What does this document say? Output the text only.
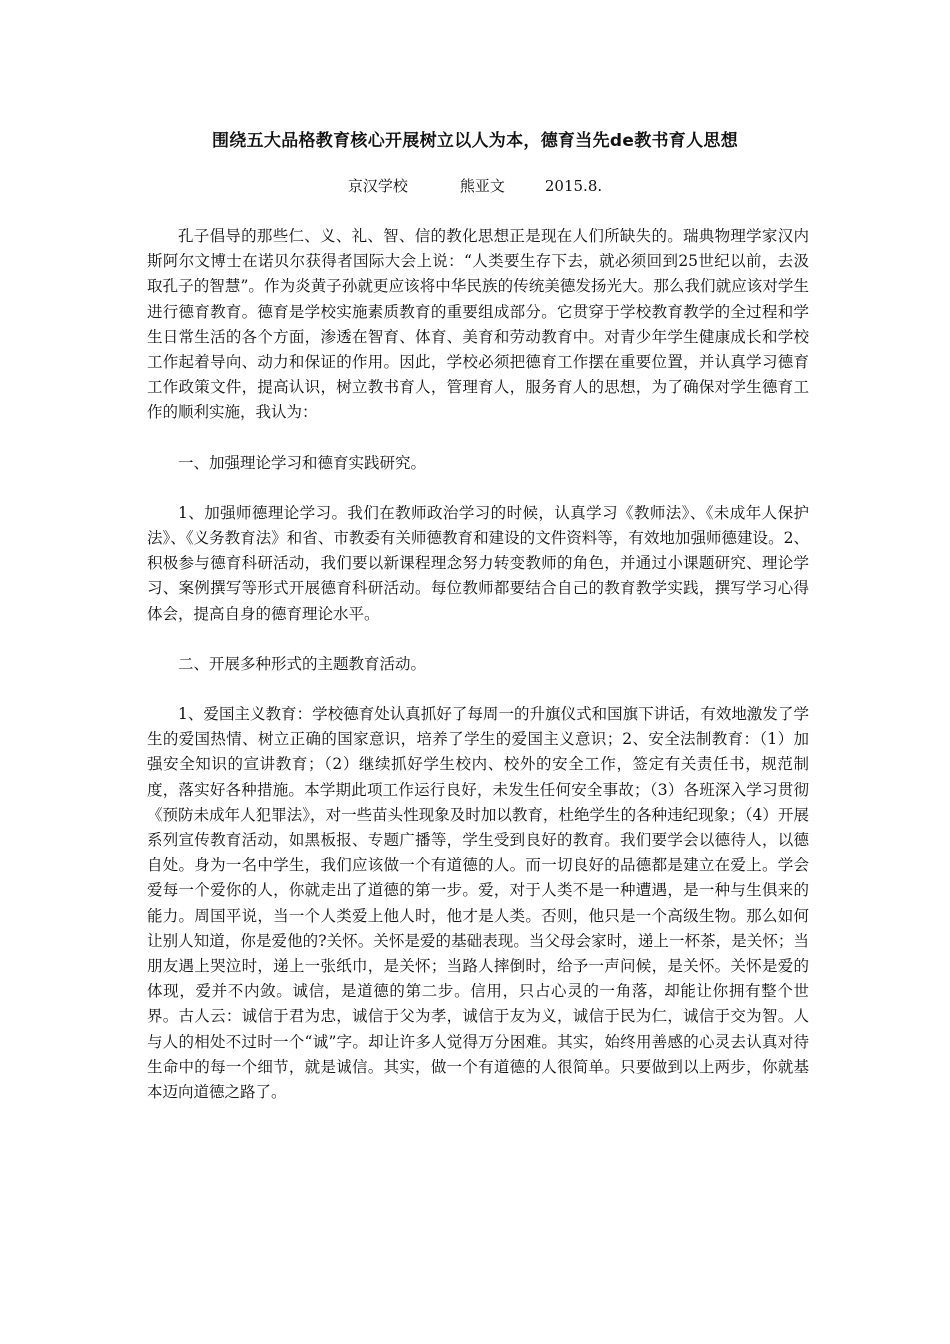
围绕五大品格教育核心开展树立以人为本，德育当先de教书育人思想
京汉学校	熊亚文	2015.8.

孔子倡导的那些仁、义、礼、智、信的教化思想正是现在人们所缺失的。瑞典物理学家汉内斯阿尔文博士在诺贝尔获得者国际大会上说：“人类要生存下去，就必须回到25世纪以前，去汲取孔子的智慧”。作为炎黄子孙就更应该将中华民族的传统美德发扬光大。那么我们就应该对学生进行德育教育。德育是学校实施素质教育的重要组成部分。它贯穿于学校教育教学的全过程和学生日常生活的各个方面，渗透在智育、体育、美育和劳动教育中。对青少年学生健康成长和学校工作起着导向、动力和保证的作用。因此，学校必须把德育工作摆在重要位置，并认真学习德育工作政策文件，提高认识，树立教书育人，管理育人，服务育人的思想，为了确保对学生德育工作的顺利实施，我认为：

一、加强理论学习和德育实践研究。

1、加强师德理论学习。我们在教师政治学习的时候，认真学习《教师法》、《未成年人保护法》、《义务教育法》和省、市教委有关师德教育和建设的文件资料等，有效地加强师德建设。2、积极参与德育科研活动，我们要以新课程理念努力转变教师的角色，并通过小课题研究、理论学习、案例撰写等形式开展德育科研活动。每位教师都要结合自己的教育教学实践，撰写学习心得体会，提高自身的德育理论水平。

二、开展多种形式的主题教育活动。

1、爱国主义教育：学校德育处认真抓好了每周一的升旗仪式和国旗下讲话，有效地激发了学生的爱国热情、树立正确的国家意识，培养了学生的爱国主义意识；2、安全法制教育：（1）加强安全知识的宣讲教育；（2）继续抓好学生校内、校外的安全工作，签定有关责任书，规范制度，落实好各种措施。本学期此项工作运行良好，未发生任何安全事故；（3）各班深入学习贯彻《预防未成年人犯罪法》，对一些苗头性现象及时加以教育，杜绝学生的各种违纪现象；（4）开展系列宣传教育活动，如黑板报、专题广播等，学生受到良好的教育。我们要学会以德待人，以德自处。身为一名中学生，我们应该做一个有道德的人。而一切良好的品德都是建立在爱上。学会爱每一个爱你的人，你就走出了道德的第一步。爱，对于人类不是一种遭遇，是一种与生俱来的能力。周国平说，当一个人类爱上他人时，他才是人类。否则，他只是一个高级生物。那么如何让别人知道，你是爱他的?关怀。关怀是爱的基础表现。当父母会家时，递上一杯茶，是关怀；当朋友遇上哭泣时，递上一张纸巾，是关怀；当路人摔倒时，给予一声问候，是关怀。关怀是爱的体现，爱并不内敛。诚信，是道德的第二步。信用，只占心灵的一角落，却能让你拥有整个世界。古人云：诚信于君为忠，诚信于父为孝，诚信于友为义，诚信于民为仁，诚信于交为智。人与人的相处不过时一个“诚”字。却让许多人觉得万分困难。其实，始终用善感的心灵去认真对待生命中的每一个细节，就是诚信。其实，做一个有道德的人很简单。只要做到以上两步，你就基本迈向道德之路了。
